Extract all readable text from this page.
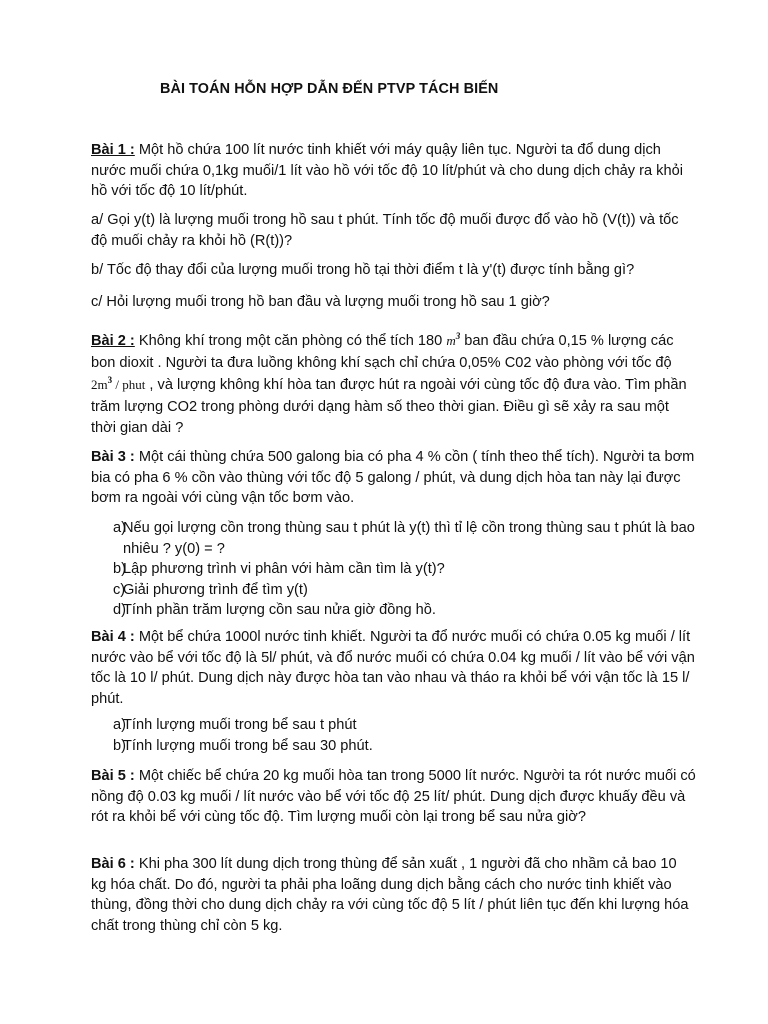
BÀI TOÁN HỖN HỢP DẪN ĐẾN PTVP TÁCH BIẾN

Bài 1 : Một hồ chứa 100 lít nước tinh khiết với máy quậy liên tục. Người ta đổ dung dịch nước muối chứa 0,1kg muối/1 lít vào hồ với tốc độ 10 lít/phút và cho dung dịch chảy ra khỏi hồ với tốc độ 10 lít/phút.

a/ Gọi y(t) là lượng muối trong hồ sau t phút. Tính tốc độ muối được đổ vào hồ (V(t)) và tốc độ muối chảy ra khỏi hồ (R(t))?

b/ Tốc độ thay đổi của lượng muối trong hồ tại thời điểm t là y'(t) được tính bằng gì?

c/ Hỏi lượng muối trong hồ ban đầu và lượng muối trong hồ sau 1 giờ?

Bài 2 : Không khí trong một căn phòng có thể tích 180 $m^3$ ban đầu chứa 0,15 % lượng các bon dioxit . Người ta đưa luồng không khí sạch chỉ chứa 0,05% C02 vào phòng với tốc độ $2m^3$ / phut , và lượng không khí hòa tan được hút ra ngoài với cùng tốc độ đưa vào. Tìm phần trăm lượng CO2 trong phòng dưới dạng hàm số theo thời gian. Điều gì sẽ xảy ra sau một thời gian dài ?

Bài 3 : Một cái thùng chứa 500 galong bia có pha 4 % cồn ( tính theo thể tích). Người ta bơm bia có pha 6 % cồn vào thùng với tốc độ 5 galong / phút, và dung dịch hòa tan này lại được bơm ra ngoài với cùng vận tốc bơm vào.

a)
Nếu gọi lượng cồn trong thùng sau t phút là y(t) thì tỉ lệ cồn trong thùng sau t phút là bao nhiêu ? y(0) = ?
b)
Lập phương trình vi phân với hàm cần tìm là y(t)?
c)
Giải phương trình để tìm y(t)
d)
Tính phần trăm lượng cồn sau nửa giờ đồng hồ.

Bài 4 : Một bể chứa 1000l nước tinh khiết. Người ta đổ nước muối có chứa 0.05 kg muối / lít nước vào bể với tốc độ là 5l/ phút, và đổ nước muối có chứa 0.04 kg muối / lít vào bể với vận tốc là 10 l/ phút. Dung dịch này được hòa tan vào nhau và tháo ra khỏi bể với vận tốc là 15 l/ phút.

a)
Tính lượng muối trong bể sau t phút
b)
Tính lượng muối trong bể sau 30 phút.

Bài 5 : Một chiếc bể chứa 20 kg muối hòa tan trong 5000 lít nước. Người ta rót nước muối có nồng độ 0.03 kg muối / lít nước vào bể với tốc độ 25 lít/ phút. Dung dịch được khuấy đều và rót ra khỏi bể với cùng tốc độ. Tìm lượng muối còn lại trong bể sau nửa giờ?

Bài 6 : Khi pha 300 lít dung dịch trong thùng để sản xuất , 1 người đã cho nhầm cả bao 10 kg hóa chất. Do đó, người ta phải pha loãng dung dịch bằng cách cho nước tinh khiết vào thùng, đồng thời cho dung dịch chảy ra với cùng tốc độ 5 lít / phút liên tục đến khi lượng hóa chất trong thùng chỉ còn 5 kg.
